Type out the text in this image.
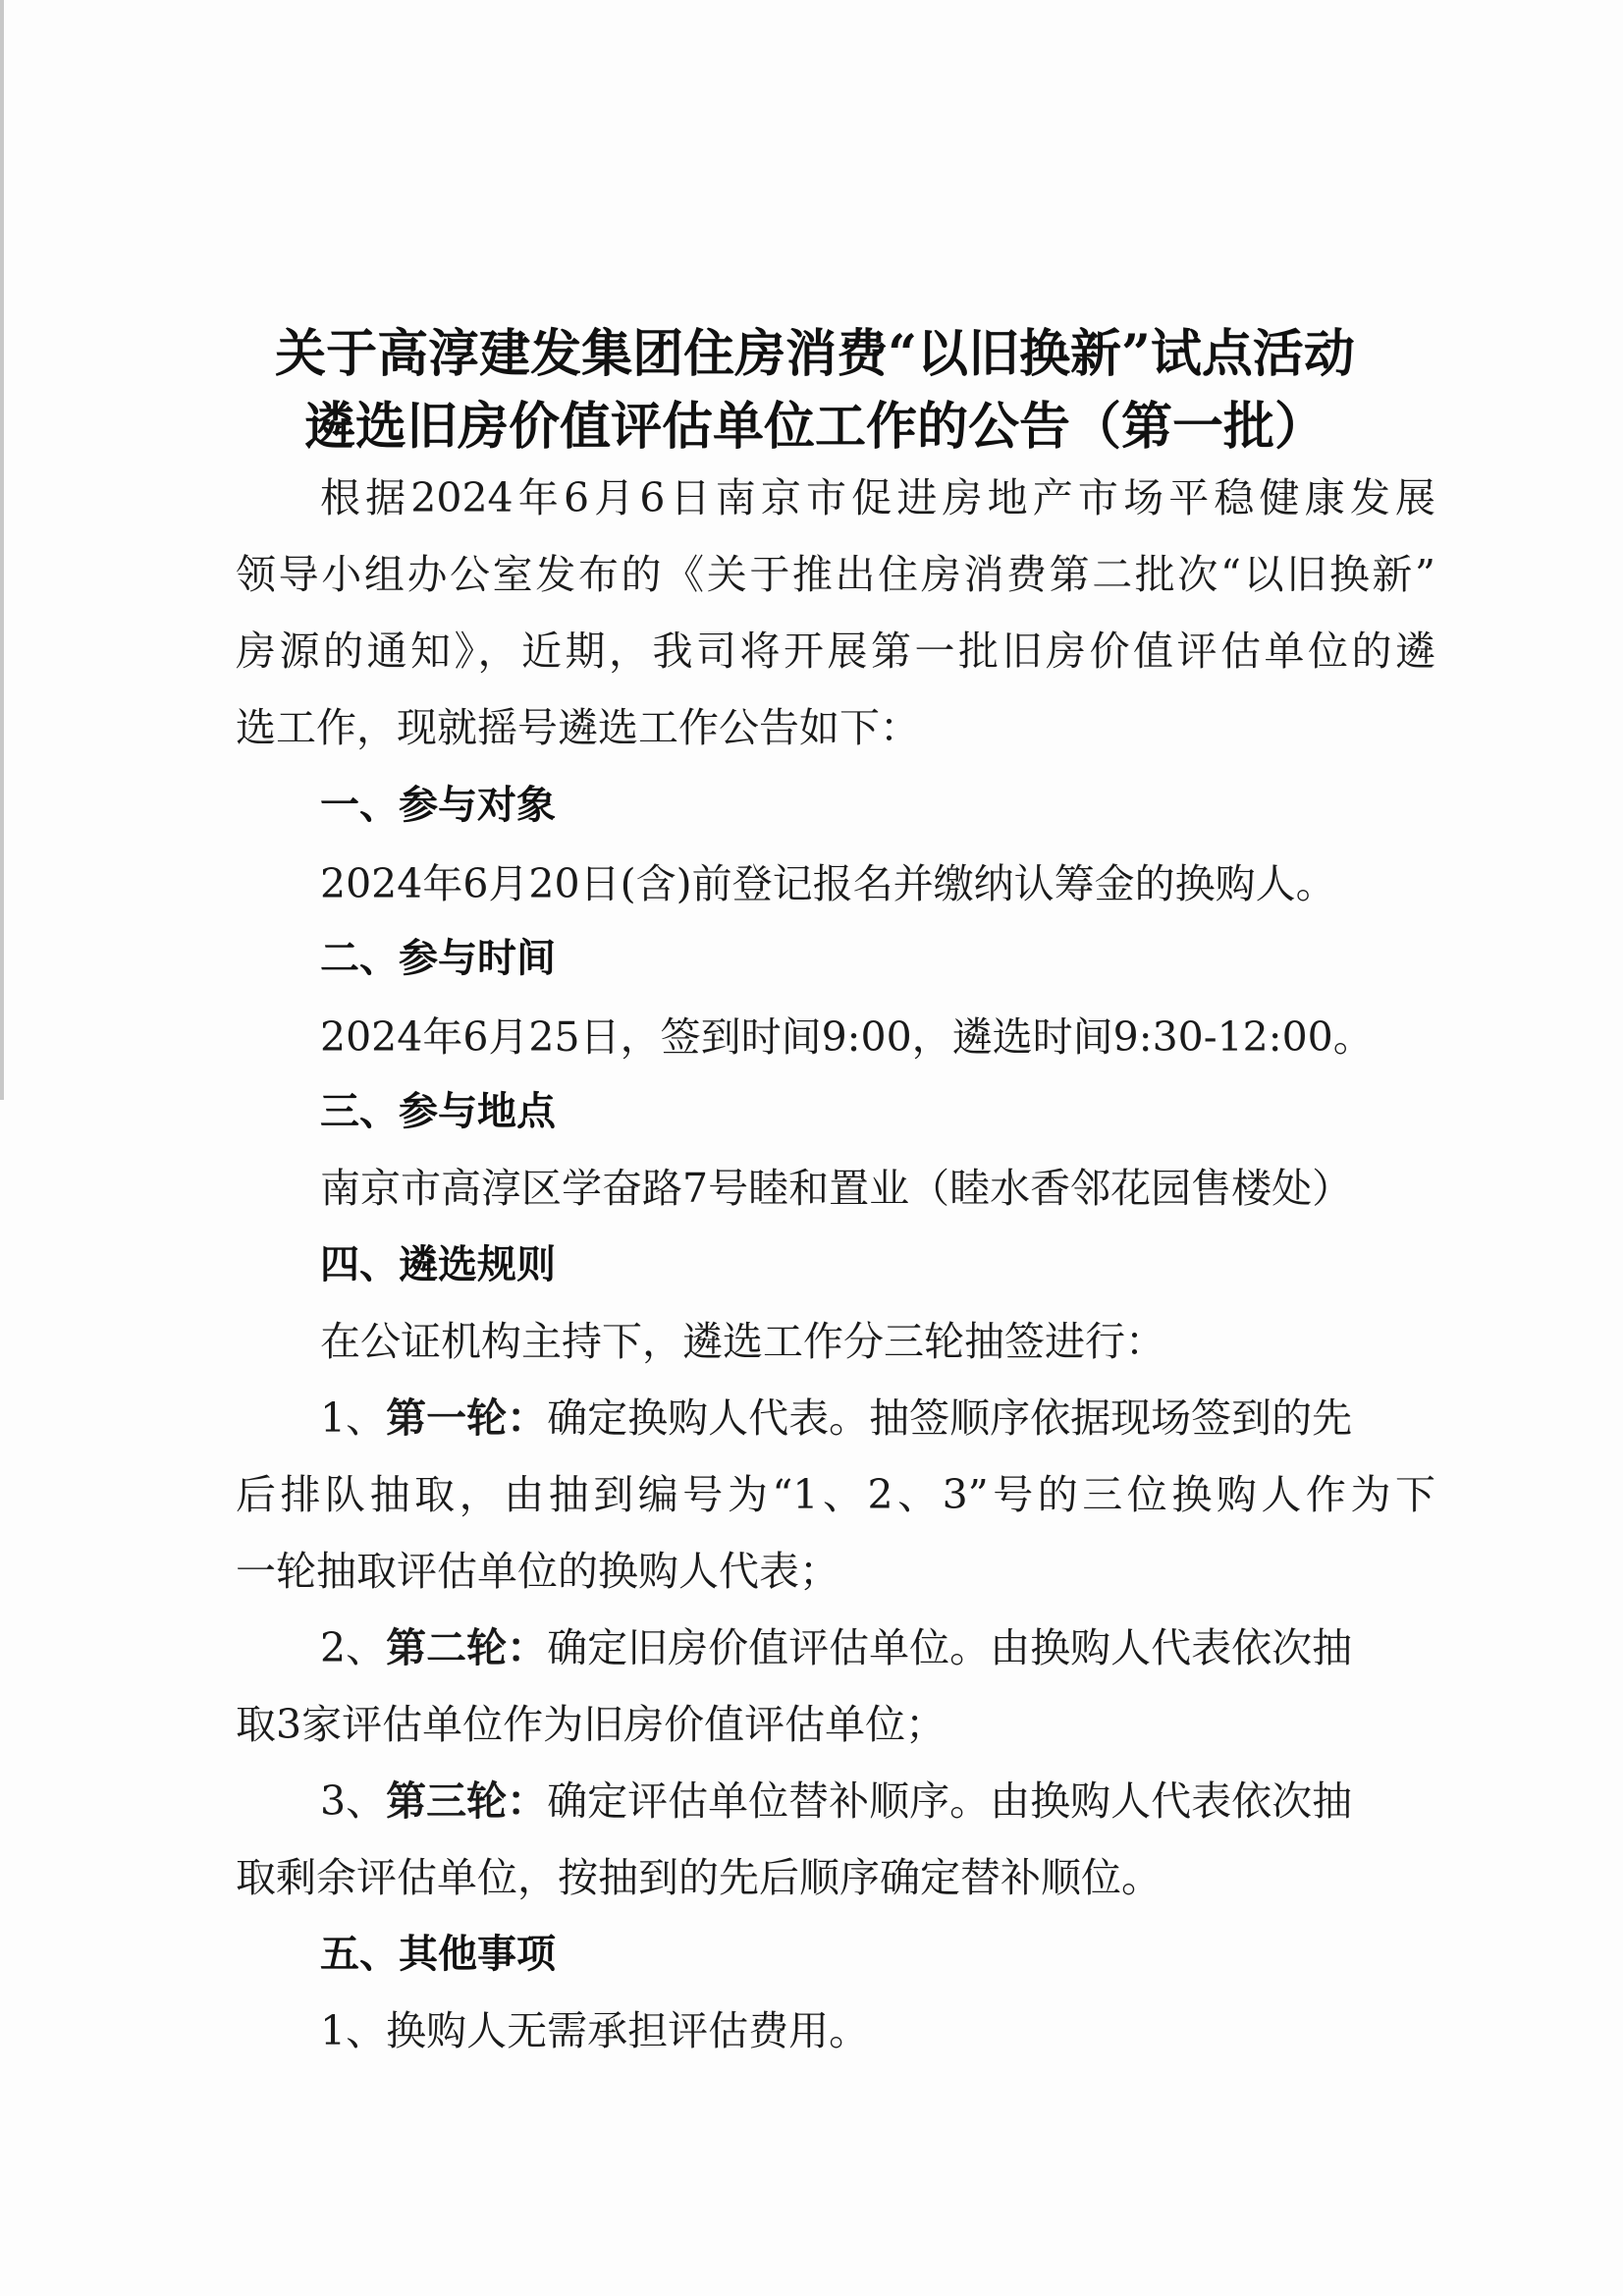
关于高淳建发集团住房消费“以旧换新”试点活动
遴选旧房价值评估单位工作的公告（第一批）
根据2024年6月6日南京市促进房地产市场平稳健康发展
领导小组办公室发布的《关于推出住房消费第二批次“以旧换新”
房源的通知》，近期，我司将开展第一批旧房价值评估单位的遴
选工作，现就摇号遴选工作公告如下：
一、参与对象
2024年6月20日(含)前登记报名并缴纳认筹金的换购人。
二、参与时间
2024年6月25日，签到时间9:00，遴选时间9:30-12:00。
三、参与地点
南京市高淳区学奋路7号睦和置业（睦水香邻花园售楼处）
四、遴选规则
在公证机构主持下，遴选工作分三轮抽签进行：
1、第一轮：确定换购人代表。抽签顺序依据现场签到的先
后排队抽取，由抽到编号为“1、2、3”号的三位换购人作为下
一轮抽取评估单位的换购人代表；
2、第二轮：确定旧房价值评估单位。由换购人代表依次抽
取3家评估单位作为旧房价值评估单位；
3、第三轮：确定评估单位替补顺序。由换购人代表依次抽
取剩余评估单位，按抽到的先后顺序确定替补顺位。
五、其他事项
1、换购人无需承担评估费用。
